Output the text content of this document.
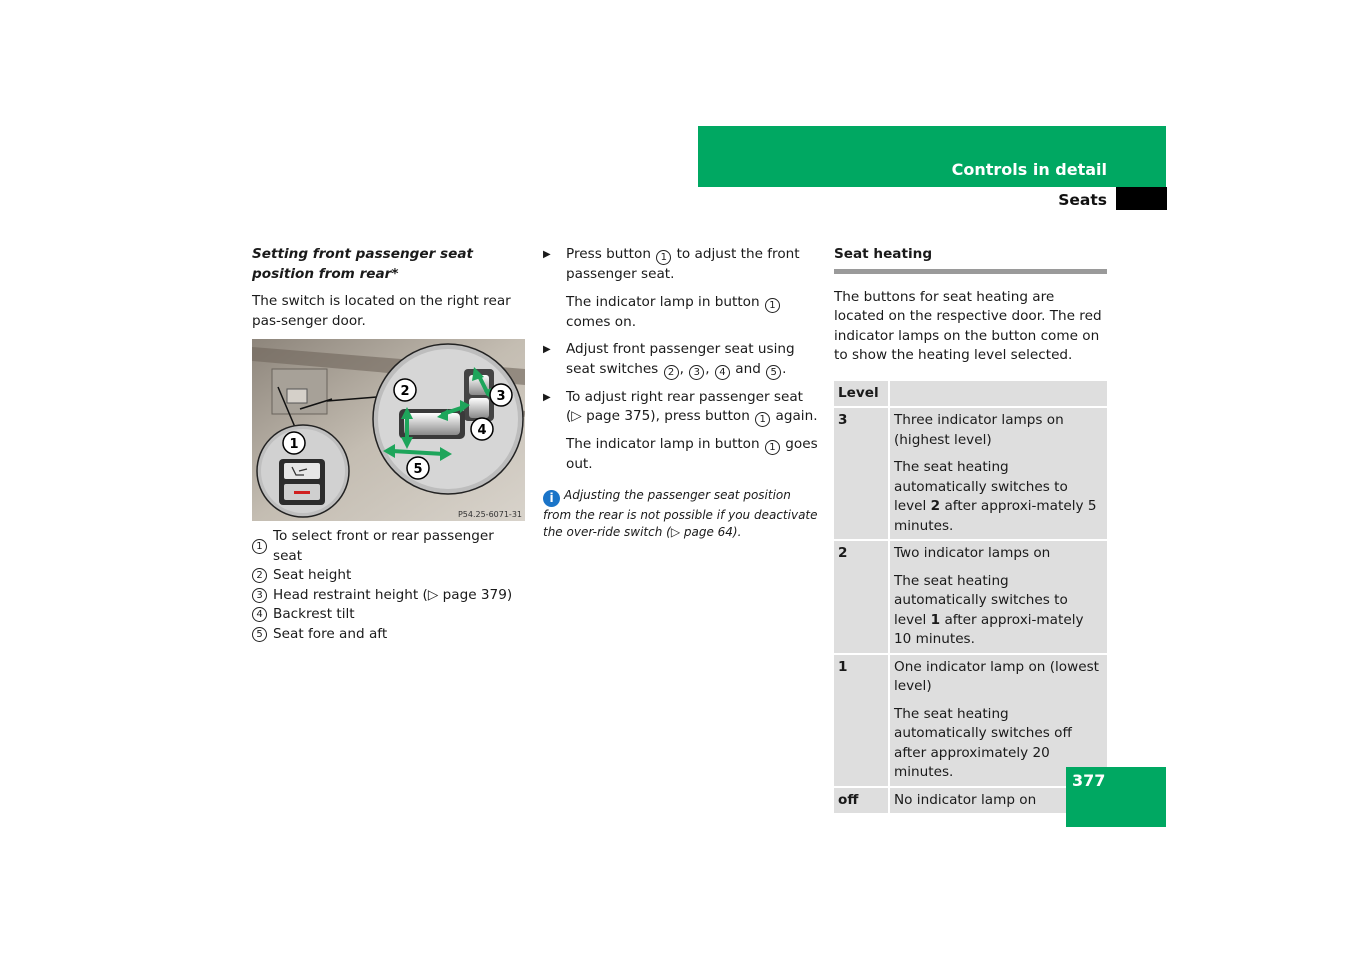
Controls in detail
Seats

Setting front passenger seat position from rear*

The switch is located on the right rear pas-senger door.

1
2	3
4
5
P54.25-6071-31
1
To select front or rear passenger seat
2 Seat height
3 Head restraint height (▷ page 379)
4 Backrest tilt
5 Seat fore and aft
▶	Press button 1 to adjust the front passenger seat.

The indicator lamp in button 1 comes on.

▶	Adjust front passenger seat using seat switches 2 , 3 , 4 and 5 .

▶	To adjust right rear passenger seat (▷ page 375), press button 1 again.

The indicator lamp in button 1 goes out.

i Adjusting the passenger seat position from the rear is not possible if you deactivate the over-ride switch (▷ page 64).

Seat heating

The buttons for seat heating are located on the respective door. The red indicator lamps on the button come on to show the heating level selected.

Level	
3	Three indicator lamps on (highest level)

The seat heating automatically switches to level 2 after approxi-mately 5 minutes.

2	Two indicator lamps on

The seat heating automatically switches to level 1 after approxi-mately 10 minutes.

1	One indicator lamp on (lowest level)

The seat heating automatically switches off after approximately 20 minutes.

off	No indicator lamp on
377
